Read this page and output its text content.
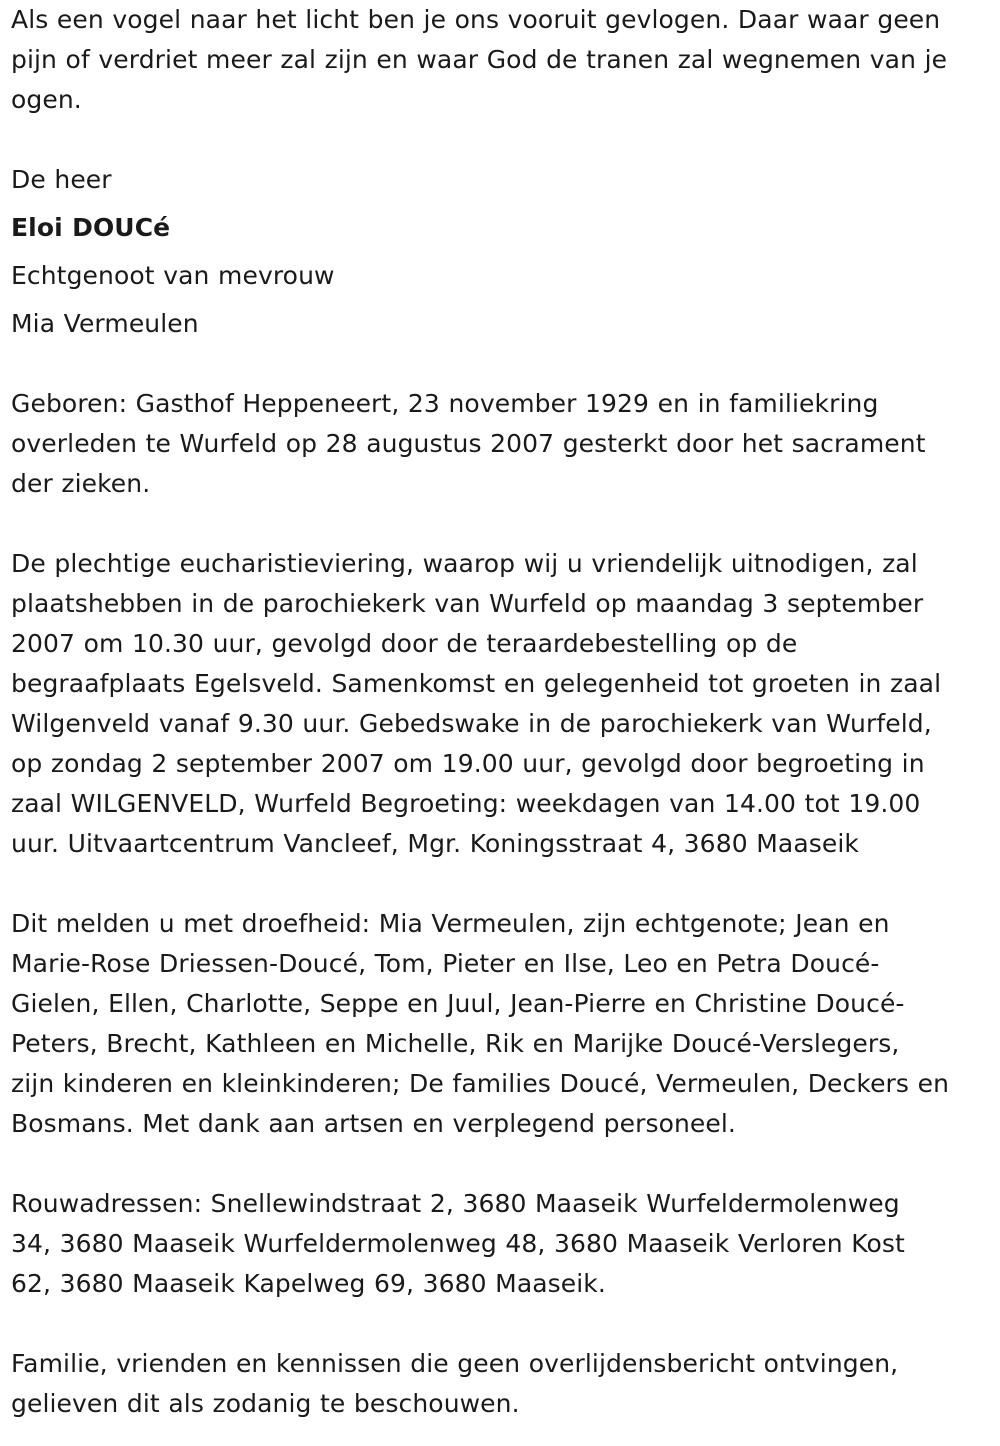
Als een vogel naar het licht ben je ons vooruit gevlogen. Daar waar geen
pijn of verdriet meer zal zijn en waar God de tranen zal wegnemen van je
ogen.

De heer

Eloi DOUCé

Echtgenoot van mevrouw

Mia Vermeulen

Geboren: Gasthof Heppeneert, 23 november 1929 en in familiekring
overleden te Wurfeld op 28 augustus 2007 gesterkt door het sacrament
der zieken.

De plechtige eucharistieviering, waarop wij u vriendelijk uitnodigen, zal
plaatshebben in de parochiekerk van Wurfeld op maandag 3 september
2007 om 10.30 uur, gevolgd door de teraardebestelling op de
begraafplaats Egelsveld. Samenkomst en gelegenheid tot groeten in zaal
Wilgenveld vanaf 9.30 uur. Gebedswake in de parochiekerk van Wurfeld,
op zondag 2 september 2007 om 19.00 uur, gevolgd door begroeting in
zaal WILGENVELD, Wurfeld Begroeting: weekdagen van 14.00 tot 19.00
uur. Uitvaartcentrum Vancleef, Mgr. Koningsstraat 4, 3680 Maaseik

Dit melden u met droefheid: Mia Vermeulen, zijn echtgenote; Jean en
Marie-Rose Driessen-Doucé, Tom, Pieter en Ilse, Leo en Petra Doucé-
Gielen, Ellen, Charlotte, Seppe en Juul, Jean-Pierre en Christine Doucé-
Peters, Brecht, Kathleen en Michelle, Rik en Marijke Doucé-Verslegers,
zijn kinderen en kleinkinderen; De families Doucé, Vermeulen, Deckers en
Bosmans. Met dank aan artsen en verplegend personeel.

Rouwadressen: Snellewindstraat 2, 3680 Maaseik Wurfeldermolenweg
34, 3680 Maaseik Wurfeldermolenweg 48, 3680 Maaseik Verloren Kost
62, 3680 Maaseik Kapelweg 69, 3680 Maaseik.

Familie, vrienden en kennissen die geen overlijdensbericht ontvingen,
gelieven dit als zodanig te beschouwen.
